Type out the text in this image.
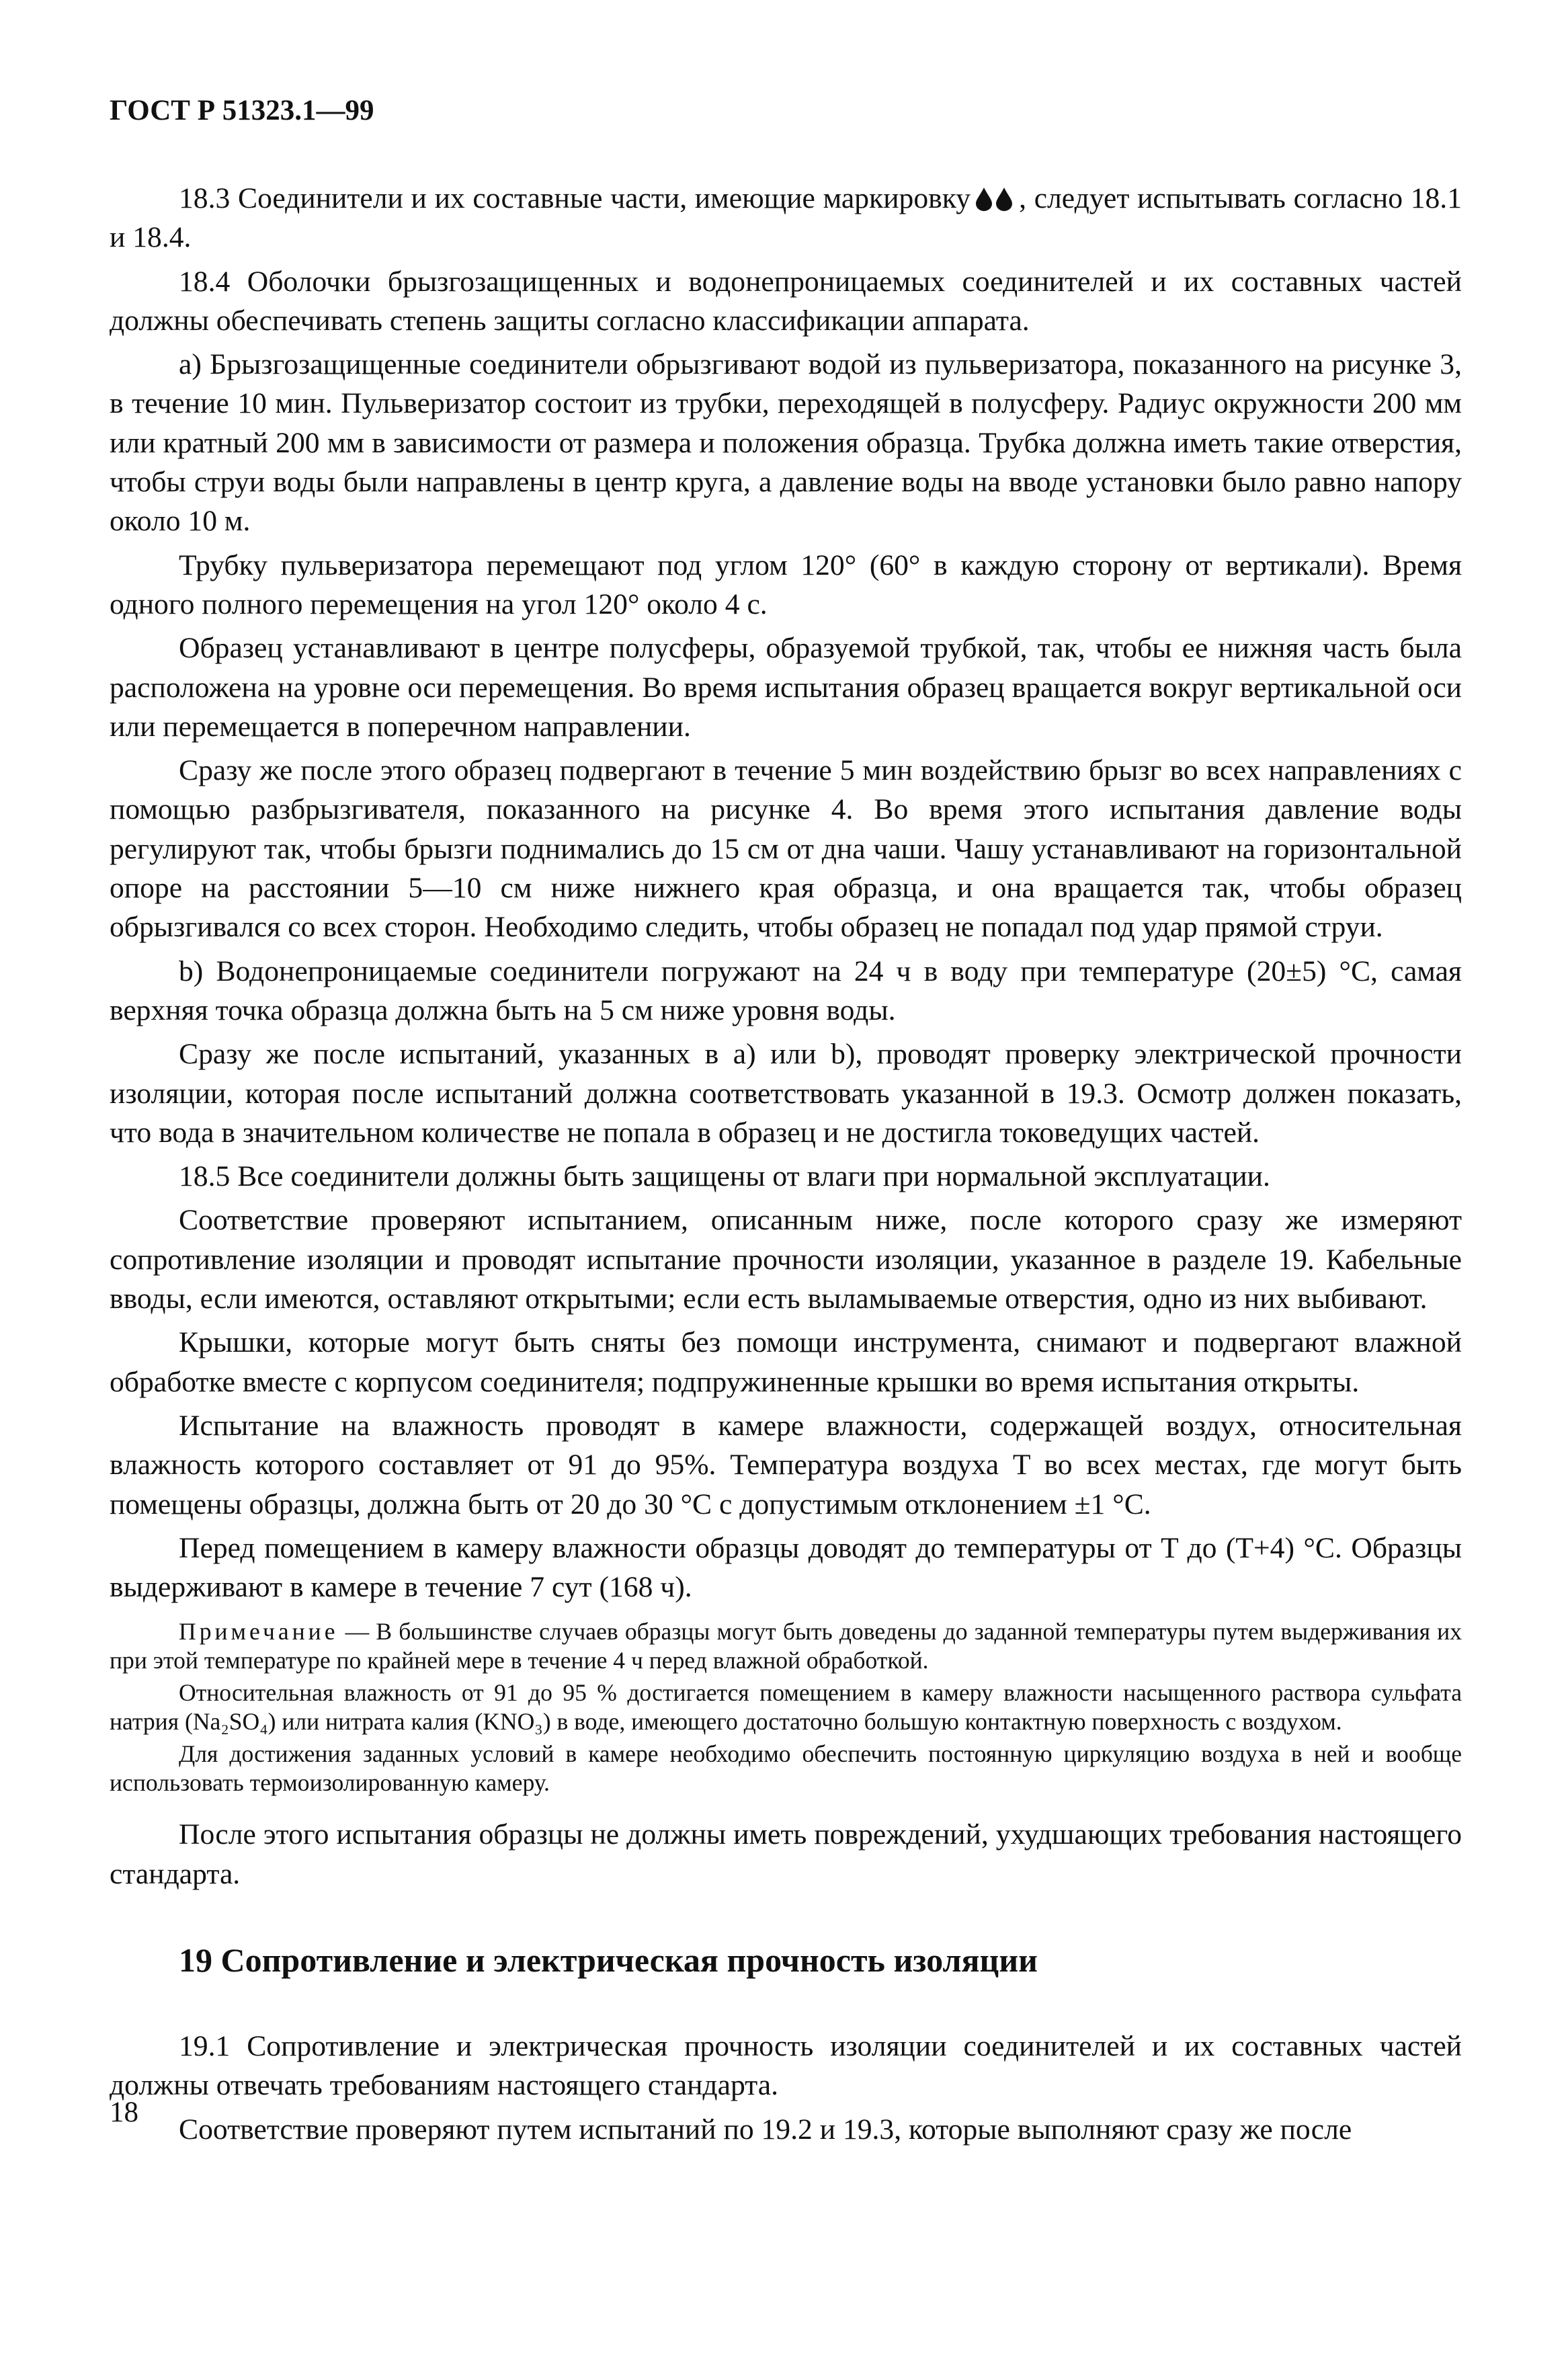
ГОСТ Р 51323.1—99

18.3 Соединители и их составные части, имеющие маркировку , следует испытывать согласно 18.1 и 18.4.

18.4 Оболочки брызгозащищенных и водонепроницаемых соединителей и их составных частей должны обеспечивать степень защиты согласно классификации аппарата.

а) Брызгозащищенные соединители обрызгивают водой из пульверизатора, показанного на рисунке 3, в течение 10 мин. Пульверизатор состоит из трубки, переходящей в полусферу. Радиус окружности 200 мм или кратный 200 мм в зависимости от размера и положения образца. Трубка должна иметь такие отверстия, чтобы струи воды были направлены в центр круга, а давление воды на вводе установки было равно напору около 10 м.

Трубку пульверизатора перемещают под углом 120° (60° в каждую сторону от вертикали). Время одного полного перемещения на угол 120° около 4 с.

Образец устанавливают в центре полусферы, образуемой трубкой, так, чтобы ее нижняя часть была расположена на уровне оси перемещения. Во время испытания образец вращается вокруг вертикальной оси или перемещается в поперечном направлении.

Сразу же после этого образец подвергают в течение 5 мин воздействию брызг во всех направлениях с помощью разбрызгивателя, показанного на рисунке 4. Во время этого испытания давление воды регулируют так, чтобы брызги поднимались до 15 см от дна чаши. Чашу устанавливают на горизонтальной опоре на расстоянии 5—10 см ниже нижнего края образца, и она вращается так, чтобы образец обрызгивался со всех сторон. Необходимо следить, чтобы образец не попадал под удар прямой струи.

b) Водонепроницаемые соединители погружают на 24 ч в воду при температуре (20±5) °С, самая верхняя точка образца должна быть на 5 см ниже уровня воды.

Сразу же после испытаний, указанных в а) или b), проводят проверку электрической прочности изоляции, которая после испытаний должна соответствовать указанной в 19.3. Осмотр должен показать, что вода в значительном количестве не попала в образец и не достигла токоведущих частей.

18.5 Все соединители должны быть защищены от влаги при нормальной эксплуатации.

Соответствие проверяют испытанием, описанным ниже, после которого сразу же измеряют сопротивление изоляции и проводят испытание прочности изоляции, указанное в разделе 19. Кабельные вводы, если имеются, оставляют открытыми; если есть выламываемые отверстия, одно из них выбивают.

Крышки, которые могут быть сняты без помощи инструмента, снимают и подвергают влажной обработке вместе с корпусом соединителя; подпружиненные крышки во время испытания открыты.

Испытание на влажность проводят в камере влажности, содержащей воздух, относительная влажность которого составляет от 91 до 95%. Температура воздуха T во всех местах, где могут быть помещены образцы, должна быть от 20 до 30 °С с допустимым отклонением ±1 °С.

Перед помещением в камеру влажности образцы доводят до температуры от T до (T+4) °С. Образцы выдерживают в камере в течение 7 сут (168 ч).

Примечание — В большинстве случаев образцы могут быть доведены до заданной температуры путем выдерживания их при этой температуре по крайней мере в течение 4 ч перед влажной обработкой.

Относительная влажность от 91 до 95 % достигается помещением в камеру влажности насыщенного раствора сульфата натрия (Na₂SO₄) или нитрата калия (KNO₃) в воде, имеющего достаточно большую контактную поверхность с воздухом.

Для достижения заданных условий в камере необходимо обеспечить постоянную циркуляцию воздуха в ней и вообще использовать термоизолированную камеру.

После этого испытания образцы не должны иметь повреждений, ухудшающих требования настоящего стандарта.

19 Сопротивление и электрическая прочность изоляции

19.1 Сопротивление и электрическая прочность изоляции соединителей и их составных частей должны отвечать требованиям настоящего стандарта.

Соответствие проверяют путем испытаний по 19.2 и 19.3, которые выполняют сразу же после

18
